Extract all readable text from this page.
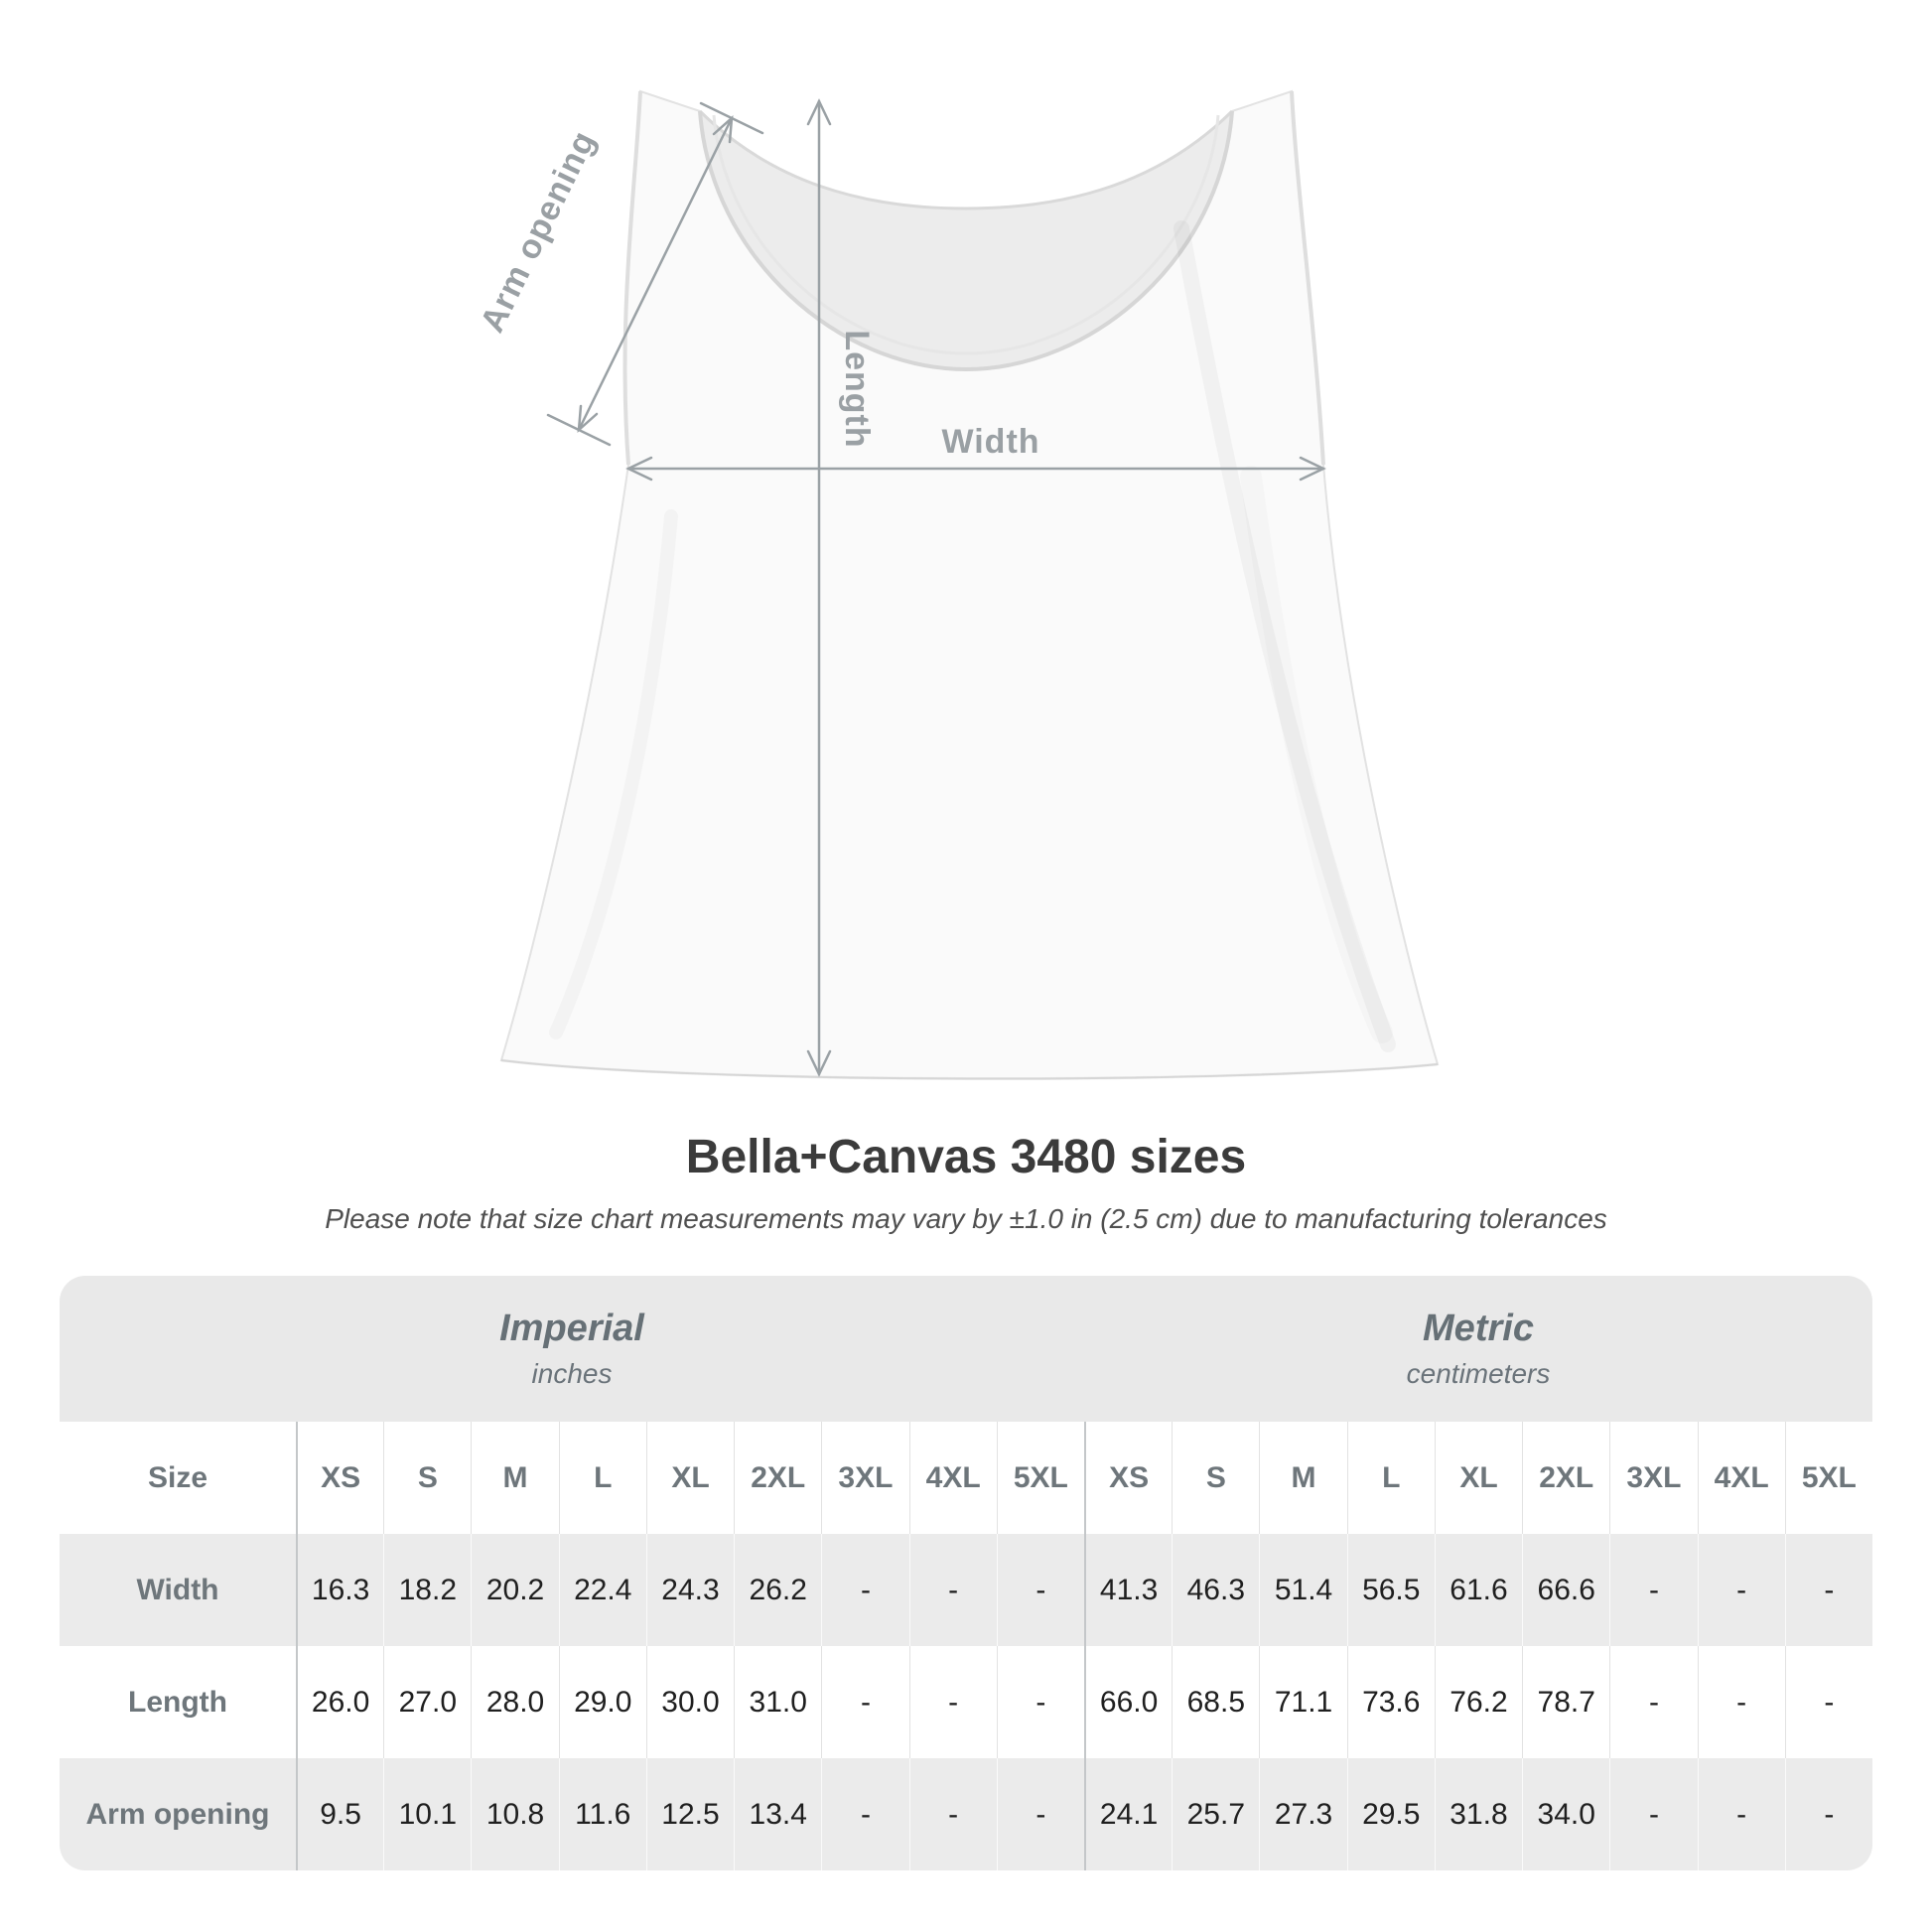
Arm opening
Length Width
Bella+Canvas 3480 sizes

Please note that size chart measurements may vary by ±1.0 in (2.5 cm) due to manufacturing tolerances

Imperial
inches
Metric
centimeters
Size	XS	S	M	L	XL	2XL	3XL	4XL	5XL	XS	S	M	L	XL	2XL	3XL	4XL	5XL
Width	16.3 18.2 20.2 22.4 24.3 26.2	-	-	-	41.3 46.3 51.4 56.5 61.6 66.6	-	-	-
Length	26.0 27.0 28.0 29.0 30.0 31.0	-	-	-	66.0 68.5 71.1 73.6 76.2 78.7	-	-	-
Arm opening	9.5	10.1 10.8	11.6	12.5 13.4	-	-	-	24.1 25.7 27.3 29.5 31.8 34.0	-	-	-
